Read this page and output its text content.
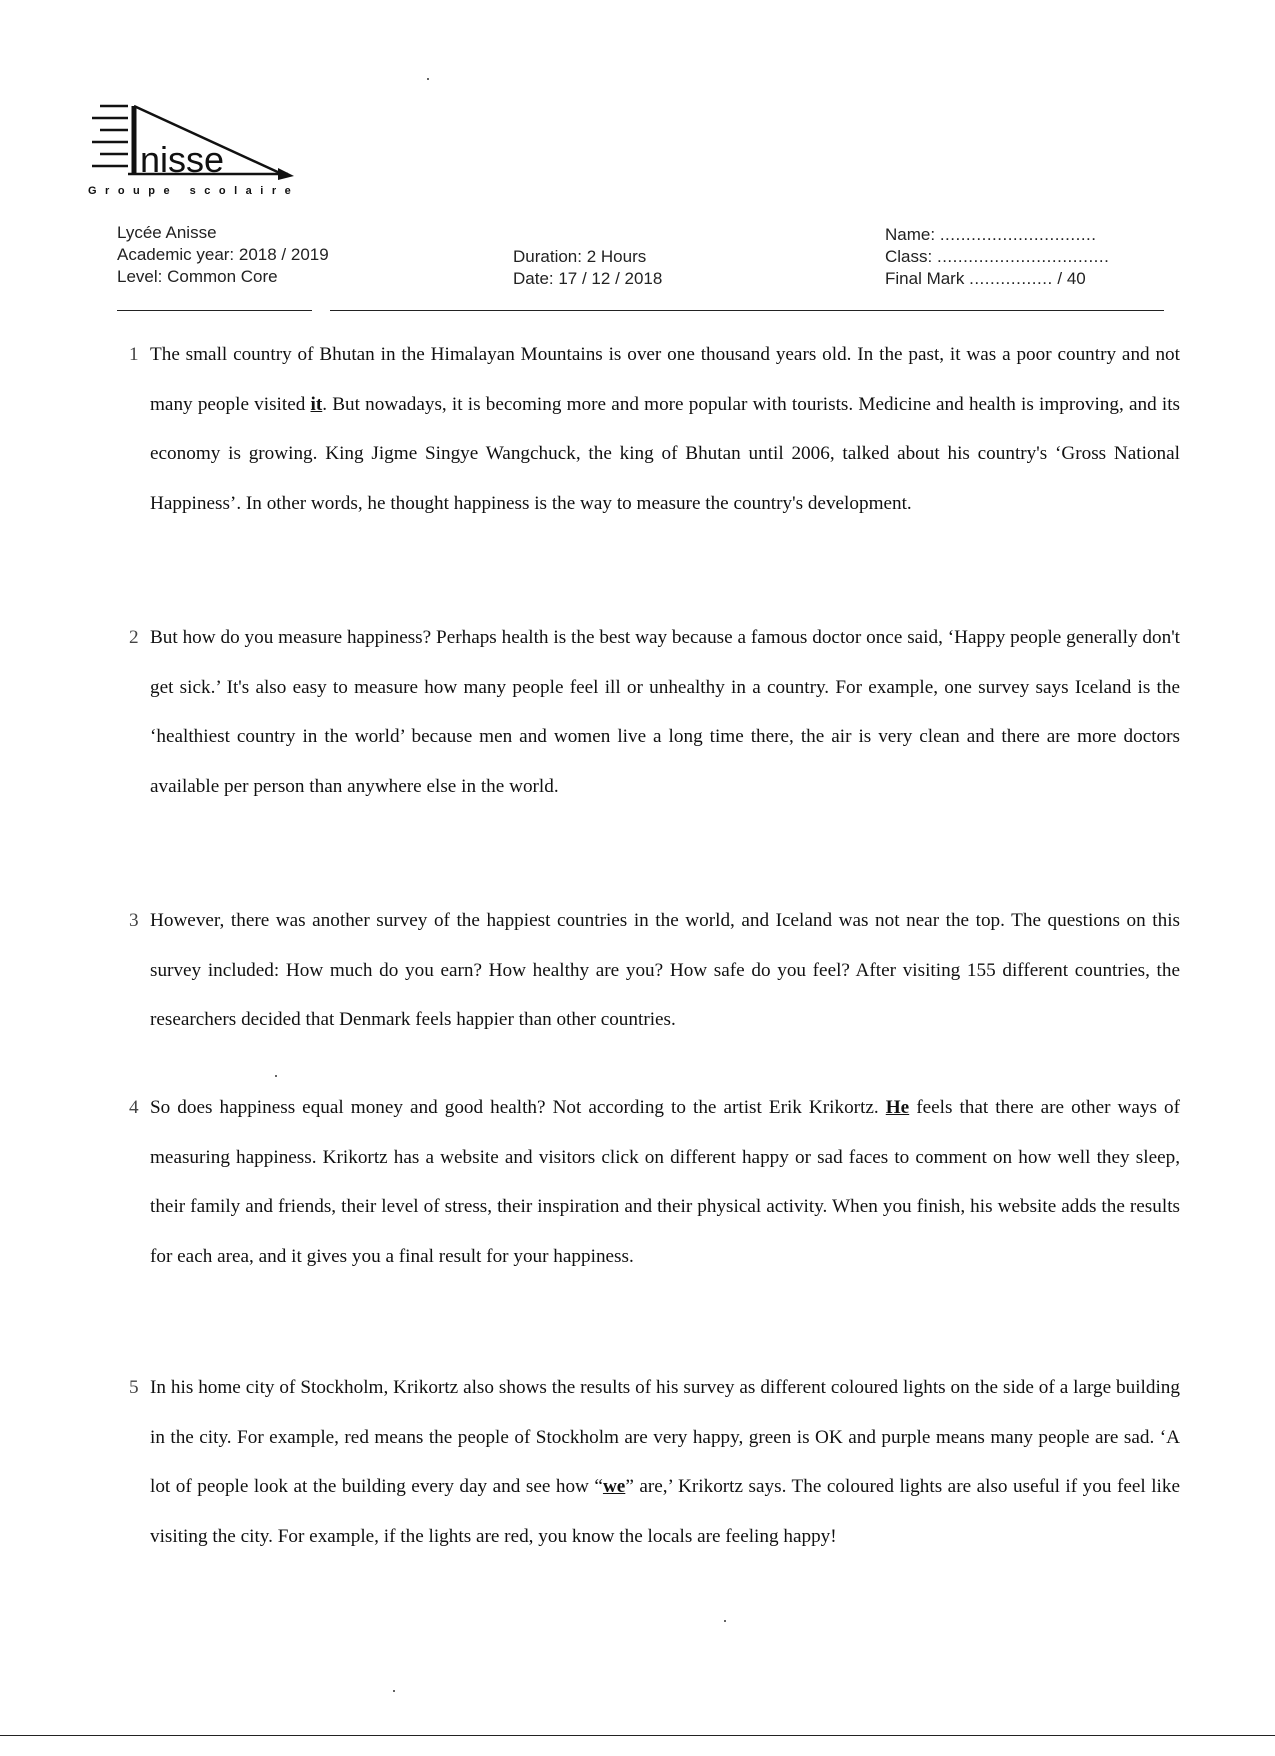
nisse
Groupe scolaire
Lycée Anisse
Academic year: 2018 / 2019
Level: Common Core
Duration: 2 Hours
Date: 17 / 12 / 2018
Name: ..............................
Class: .................................
Final Mark ................ / 40
1 The small country of Bhutan in the Himalayan Mountains is over one thousand years old. In the past, it was a poor country and not many people visited it. But nowadays, it is becoming more and more popular with tourists. Medicine and health is improving, and its economy is growing. King Jigme Singye Wangchuck, the king of Bhutan until 2006, talked about his country's ‘Gross National Happiness’. In other words, he thought happiness is the way to measure the country's development.
2 But how do you measure happiness? Perhaps health is the best way because a famous doctor once said, ‘Happy people generally don't get sick.’ It's also easy to measure how many people feel ill or unhealthy in a country. For example, one survey says Iceland is the ‘healthiest country in the world’ because men and women live a long time there, the air is very clean and there are more doctors available per person than anywhere else in the world.
3 However, there was another survey of the happiest countries in the world, and Iceland was not near the top. The questions on this survey included: How much do you earn? How healthy are you? How safe do you feel? After visiting 155 different countries, the researchers decided that Denmark feels happier than other countries.
4 So does happiness equal money and good health? Not according to the artist Erik Krikortz. He feels that there are other ways of measuring happiness. Krikortz has a website and visitors click on different happy or sad faces to comment on how well they sleep, their family and friends, their level of stress, their inspiration and their physical activity. When you finish, his website adds the results for each area, and it gives you a final result for your happiness.
5 In his home city of Stockholm, Krikortz also shows the results of his survey as different coloured lights on the side of a large building in the city. For example, red means the people of Stockholm are very happy, green is OK and purple means many people are sad. ‘A lot of people look at the building every day and see how “we” are,’ Krikortz says. The coloured lights are also useful if you feel like visiting the city. For example, if the lights are red, you know the locals are feeling happy!
